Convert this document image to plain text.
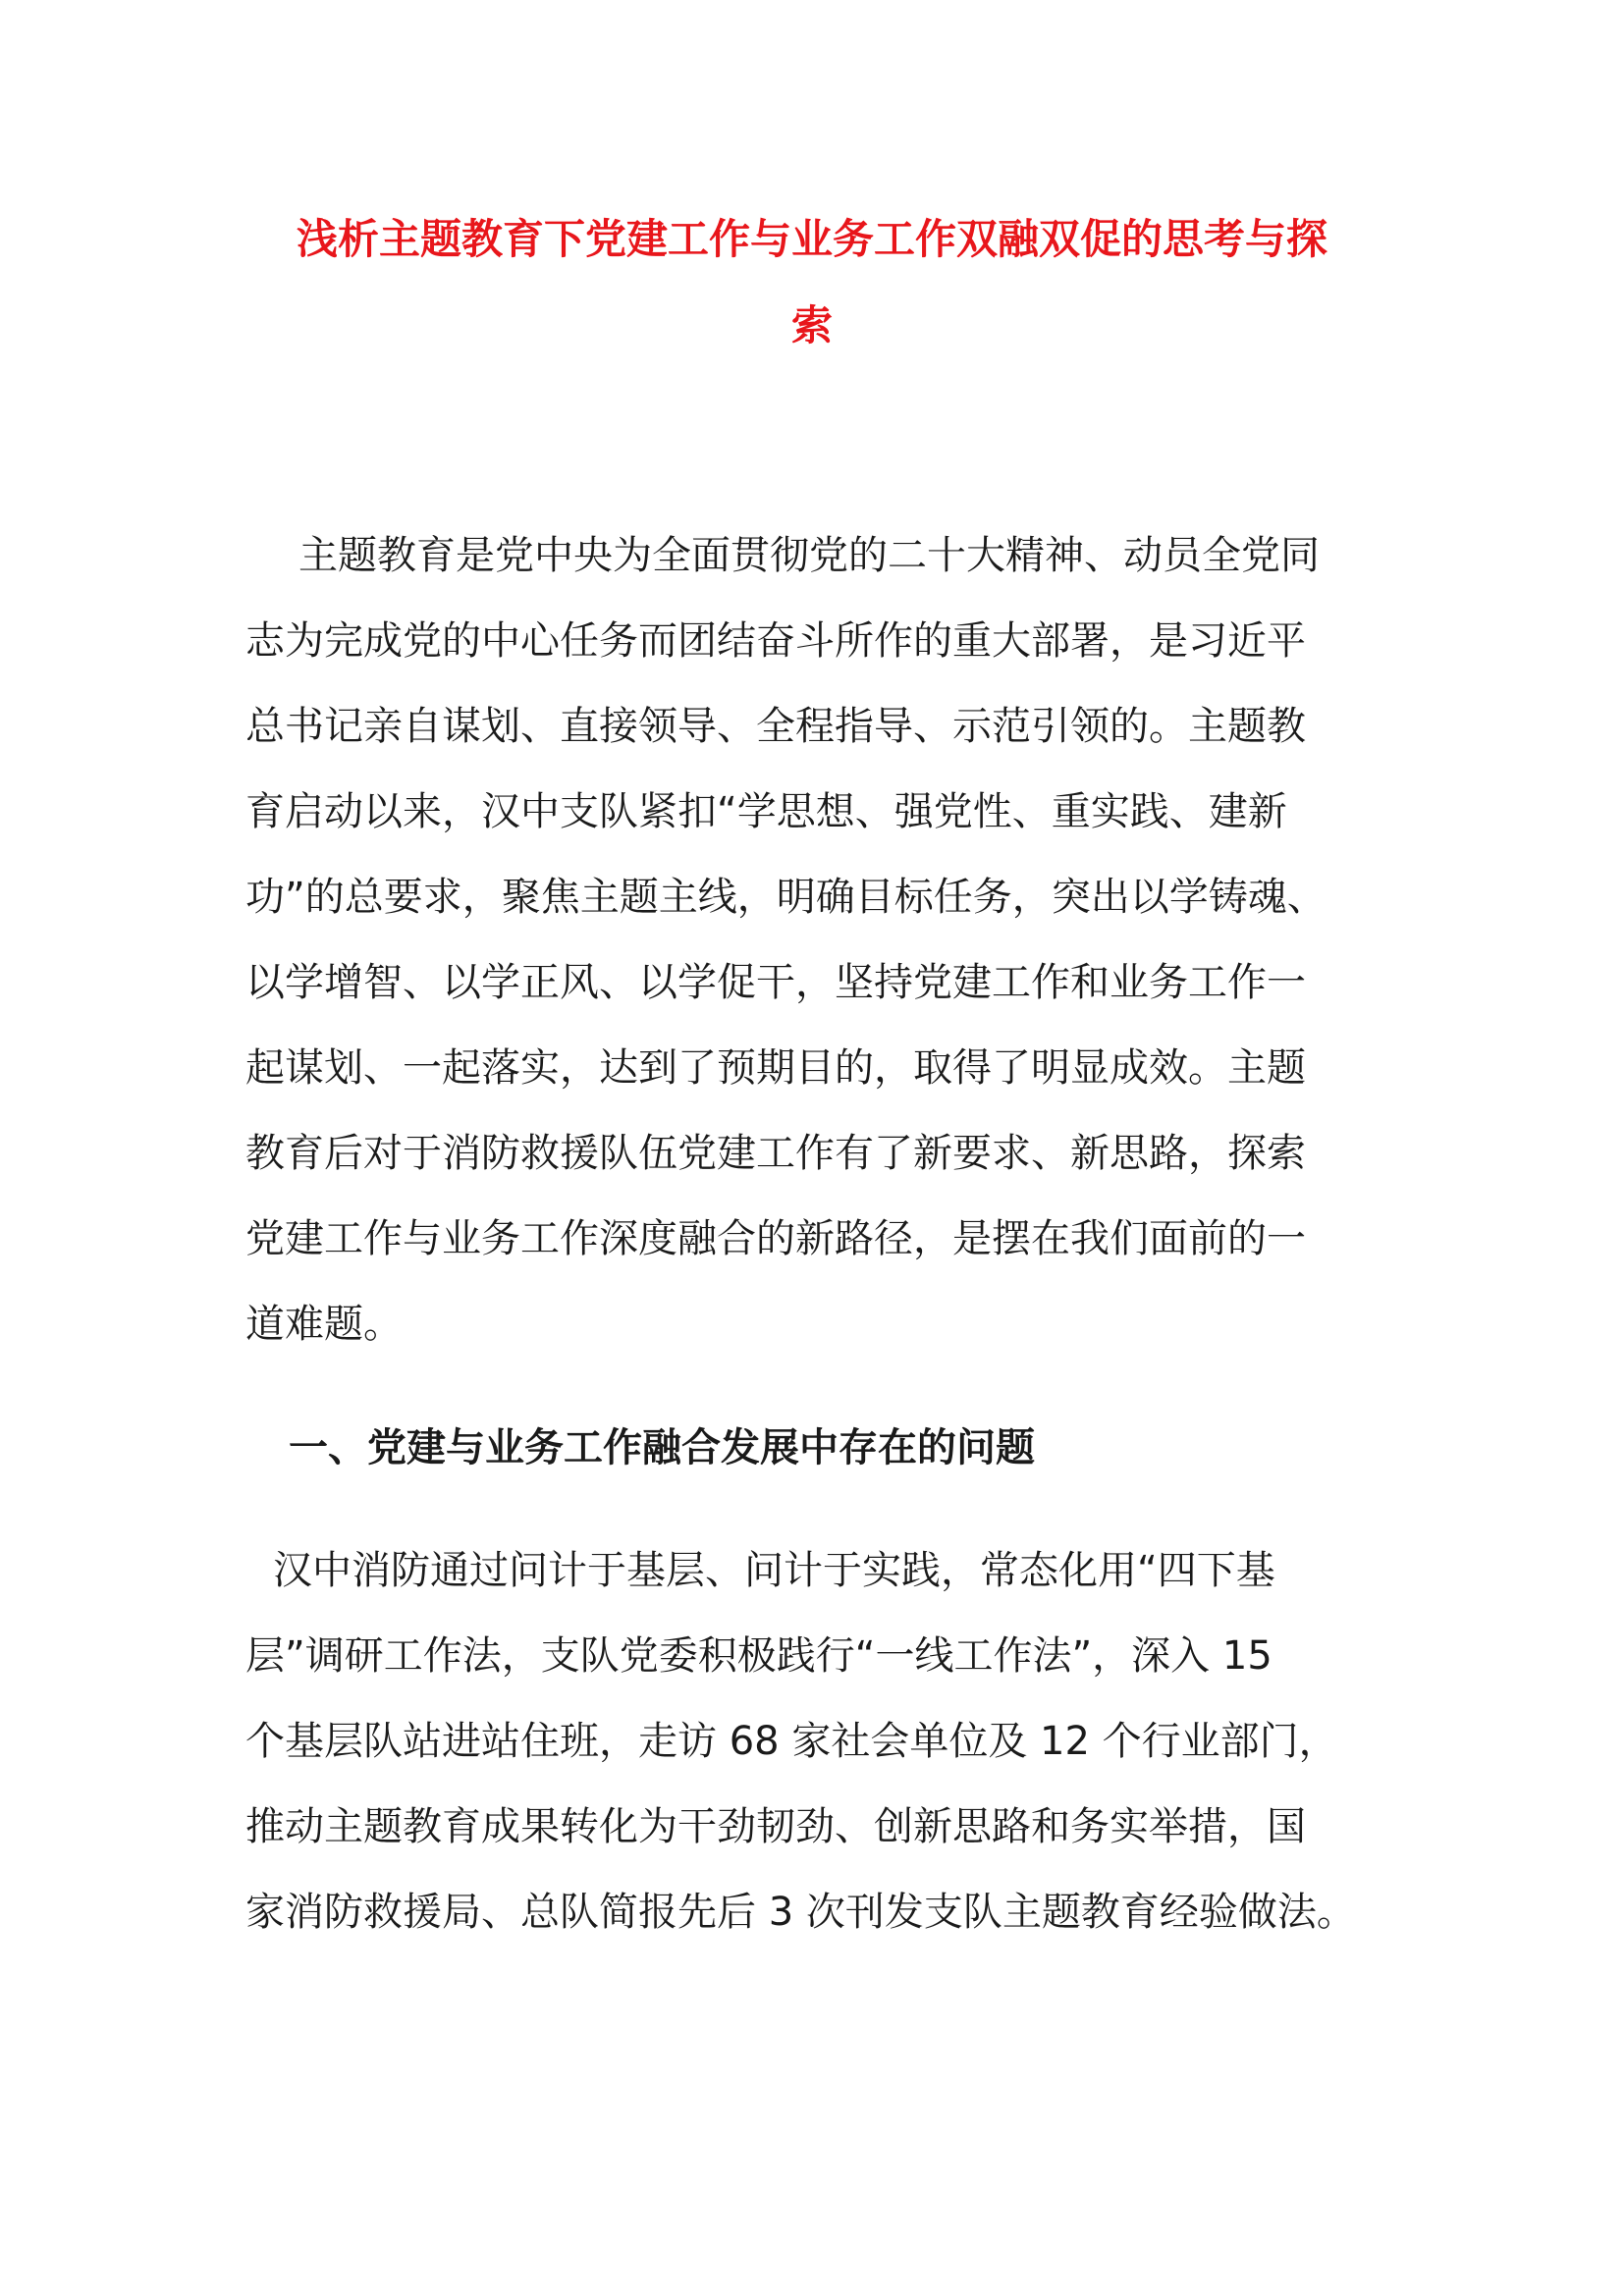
浅析主题教育下党建工作与业务工作双融双促的思考与探
索
主题教育是党中央为全面贯彻党的二十大精神、动员全党同
志为完成党的中心任务而团结奋斗所作的重大部署，是习近平
总书记亲自谋划、直接领导、全程指导、示范引领的。主题教
育启动以来，汉中支队紧扣“学思想、强党性、重实践、建新
功”的总要求，聚焦主题主线，明确目标任务，突出以学铸魂、
以学增智、以学正风、以学促干，坚持党建工作和业务工作一
起谋划、一起落实，达到了预期目的，取得了明显成效。主题
教育后对于消防救援队伍党建工作有了新要求、新思路，探索
党建工作与业务工作深度融合的新路径，是摆在我们面前的一
道难题。
一、党建与业务工作融合发展中存在的问题
汉中消防通过问计于基层、问计于实践，常态化用“四下基
层”调研工作法，支队党委积极践行“一线工作法”，深入 15
个基层队站进站住班，走访 68 家社会单位及 12 个行业部门，
推动主题教育成果转化为干劲韧劲、创新思路和务实举措，国
家消防救援局、总队简报先后 3 次刊发支队主题教育经验做法。
